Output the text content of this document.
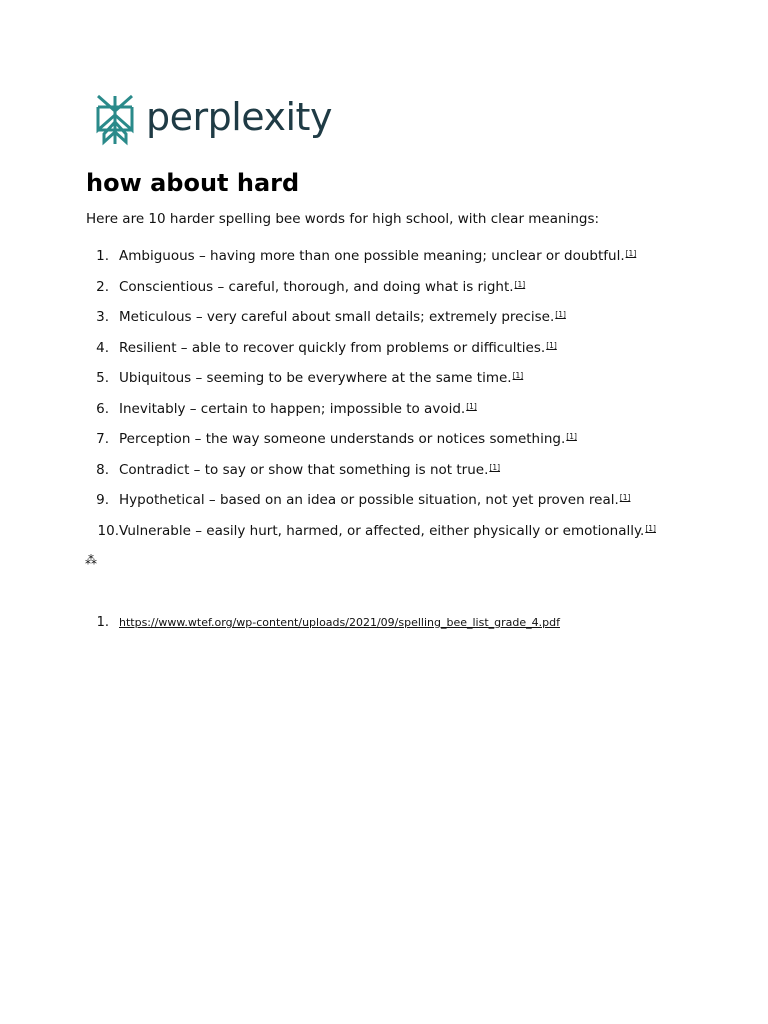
perplexity
how about hard

Here are 10 harder spelling bee words for high school, with clear meanings:

1. Ambiguous – having more than one possible meaning; unclear or doubtful. [1]
2. Conscientious – careful, thorough, and doing what is right. [1]
3. Meticulous – very careful about small details; extremely precise. [1]
4. Resilient – able to recover quickly from problems or difficulties. [1]
5. Ubiquitous – seeming to be everywhere at the same time. [1]
6. Inevitably – certain to happen; impossible to avoid. [1]
7. Perception – the way someone understands or notices something. [1]
8. Contradict – to say or show that something is not true. [1]
9. Hypothetical – based on an idea or possible situation, not yet proven real. [1]
10. Vulnerable – easily hurt, harmed, or affected, either physically or emotionally. [1]
⁂
1. https://www.wtef.org/wp-content/uploads/2021/09/spelling_bee_list_grade_4.pdf
